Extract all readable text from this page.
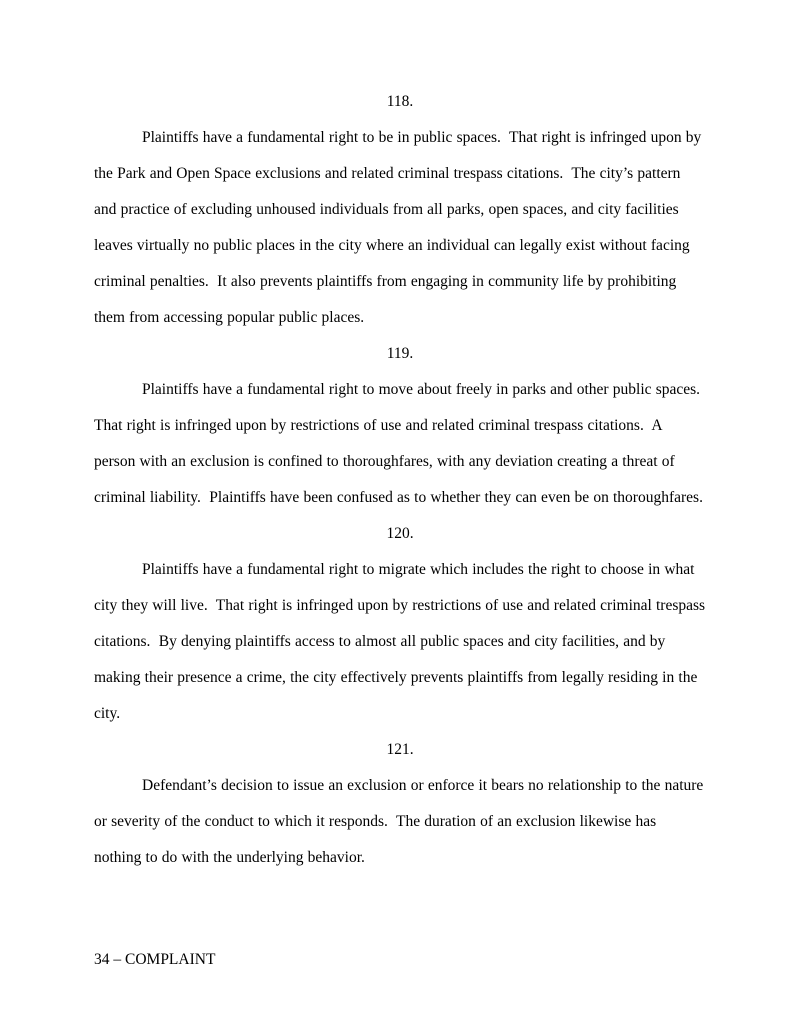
118.
Plaintiffs have a fundamental right to be in public spaces.  That right is infringed upon by the Park and Open Space exclusions and related criminal trespass citations.  The city’s pattern and practice of excluding unhoused individuals from all parks, open spaces, and city facilities leaves virtually no public places in the city where an individual can legally exist without facing criminal penalties.  It also prevents plaintiffs from engaging in community life by prohibiting them from accessing popular public places.
119.
Plaintiffs have a fundamental right to move about freely in parks and other public spaces.  That right is infringed upon by restrictions of use and related criminal trespass citations.  A person with an exclusion is confined to thoroughfares, with any deviation creating a threat of criminal liability.  Plaintiffs have been confused as to whether they can even be on thoroughfares.
120.
Plaintiffs have a fundamental right to migrate which includes the right to choose in what city they will live.  That right is infringed upon by restrictions of use and related criminal trespass citations.  By denying plaintiffs access to almost all public spaces and city facilities, and by making their presence a crime, the city effectively prevents plaintiffs from legally residing in the city.
121.
Defendant’s decision to issue an exclusion or enforce it bears no relationship to the nature or severity of the conduct to which it responds.  The duration of an exclusion likewise has nothing to do with the underlying behavior.
34 – COMPLAINT
